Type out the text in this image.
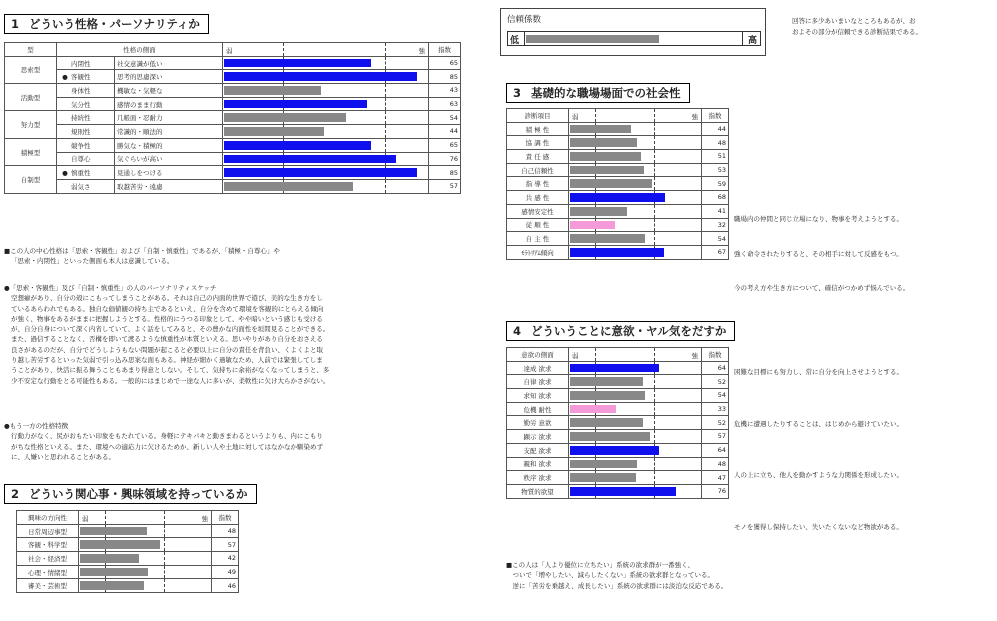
1 どういう性格・パーソナリティか
型	性格の側面		弱 強	指数
思索型	内閉性	社交意識が低い		65
	● 客観性	思考的思慮深い		85
活動型	身体性	機敏な・気軽な		43
	気分性	感情のまま行動		63
努力型	持続性	几帳面・忍耐力		54
	規則性	常識的・順法的		44
積極型	競争性	勝気な・積極的		65
	自尊心	気ぐらいが高い		76
自制型	● 慎重性	見通しをつける		85
	弱気さ	取越苦労・遠慮		57
■この人の中心性格は「思索・客観性」および「自制・慎重性」であるが、「積極・自尊心」や
「思索・内閉性」といった側面も本人は意識している。
●「思索・客観性」及び「自制・慎重性」の人のパーソナリティスケッチ
空想癖があり、自分の殻にこもってしまうことがある。それは自己の内面的世界で遊び、美的な生き方をし
ているあらわれでもある。独自な価値観の持ち主であるといえ、自分を含めて環境を客観的にとらえる傾向
が強く、物事をあるがままに把握しようとする。性格的にうつる印象として、やや暗いという感じも受ける
が、自分自身について深く内省していて、よく話をしてみると、その豊かな内面性を垣間見ることができる。
また、過信することなく、否構を即いて渡るような慎重性が本質といえる。思いやりがあり自分をおさえる
良さがあるのだが、自分でどうしようもない問題が起こると必要以上に自分の責任を背負い、くよくよと取
り越し苦労するといった気弱で引っ込み思案な面もある。神経が細かく過敏なため、人前では緊張してしま
うことがあり、快活に振る舞うこともあまり得意としない。そして、気持ちに余裕がなくなってしまうと、多
少不安定な行動をとる可能性もある。一般的にはまじめで一途な人に多いが、柔軟性に欠け大らかさがない。
●もう一方の性格特徴
行動力がなく、尻がおもたい印象をもたれている。身軽にテキパキと動きまわるというよりも、内にこもり
がちな性格といえる。また、環境への適応力に欠けるためか、新しい人や土地に対してはなかなか馴染めず
に、人嫌いと思われることがある。
2 どういう関心事・興味領域を持っているか
興味の方向性	弱 強	指数
日常周辺事型		48
客観・科学型		57
社会・経済型		42
心理・情緒型		49
審美・芸術型		46
信頼係数
低	高
回答に多少あいまいなところもあるが、お
およその部分が信頼できる診断結果である。
3 基礎的な職場場面での社会性
診断項目	弱 強	指数
積 極 性		44
協 調 性		48
責 任 感		51
自己信頼性		53
指 導 性		59
共 感 性		68
感情安定性		41
従 順 性		32
自 主 性		54
ﾓﾗﾄﾘｱﾑ傾向		67
4 どういうことに意欲・ヤル気をだすか
意欲の側面	弱 強	指数
達成 欲求		64
自律 欲求		52
求知 欲求		54
危機 耐性		33
勤労 意欲		52
顕示 欲求		57
支配 欲求		64
親和 欲求		48
秩序 欲求		47
物質的欲望		76
■この人は「人より優位に立ちたい」系統の欲求群が一番強く、
　ついで「増やしたい、減らしたくない」系統の欲求群となっている。
　逆に「苦労を乗越え、成長したい」系統の欲求群には淡泊な反応である。
職場内の仲間と同じ立場になり、物事を考えようとする。
強く命令されたりすると、その相手に対して反感をもつ。
今の考え方や生き方について、確信がつかめず悩んでいる。
困難な目標にも努力し、常に自分を向上させようとする。
危機に遭遇したりすることは、はじめから避けていたい。
人の上に立ち、他人を動かすような力関係を形成したい。
モノを獲得し保持したい、失いたくないなど物欲がある。
